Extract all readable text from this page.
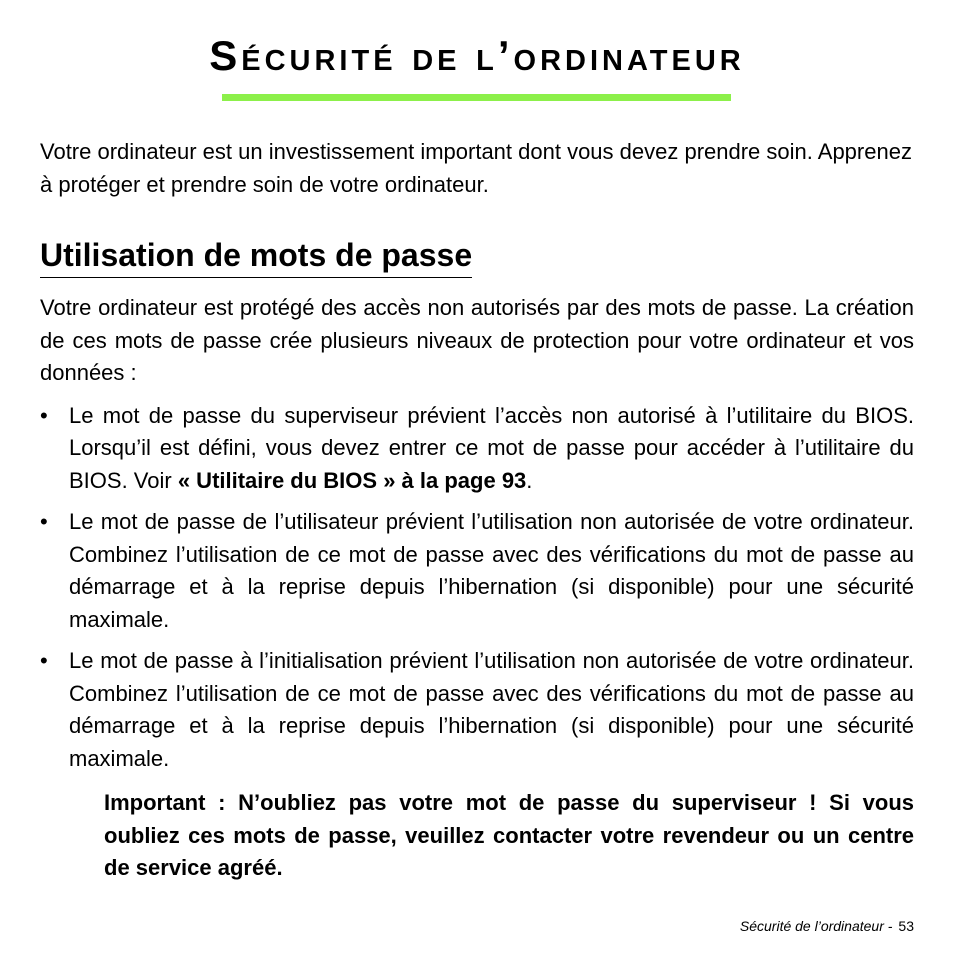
Sécurité de l’ordinateur

Votre ordinateur est un investissement important dont vous devez prendre soin. Apprenez à protéger et prendre soin de votre ordinateur.

Utilisation de mots de passe

Votre ordinateur est protégé des accès non autorisés par des mots de passe. La création de ces mots de passe crée plusieurs niveaux de protection pour votre ordinateur et vos données :

• Le mot de passe du superviseur prévient l’accès non autorisé à l’utilitaire du BIOS. Lorsqu’il est défini, vous devez entrer ce mot de passe pour accéder à l’utilitaire du BIOS. Voir « Utilitaire du BIOS » à la page 93.
• Le mot de passe de l’utilisateur prévient l’utilisation non autorisée de votre ordinateur. Combinez l’utilisation de ce mot de passe avec des vérifications du mot de passe au démarrage et à la reprise depuis l’hibernation (si disponible) pour une sécurité maximale.
• Le mot de passe à l’initialisation prévient l’utilisation non autorisée de votre ordinateur. Combinez l’utilisation de ce mot de passe avec des vérifications du mot de passe au démarrage et à la reprise depuis l’hibernation (si disponible) pour une sécurité maximale.

Important : N’oubliez pas votre mot de passe du superviseur ! Si vous oubliez ces mots de passe, veuillez contacter votre revendeur ou un centre de service agréé.

Sécurité de l’ordinateur - 53
